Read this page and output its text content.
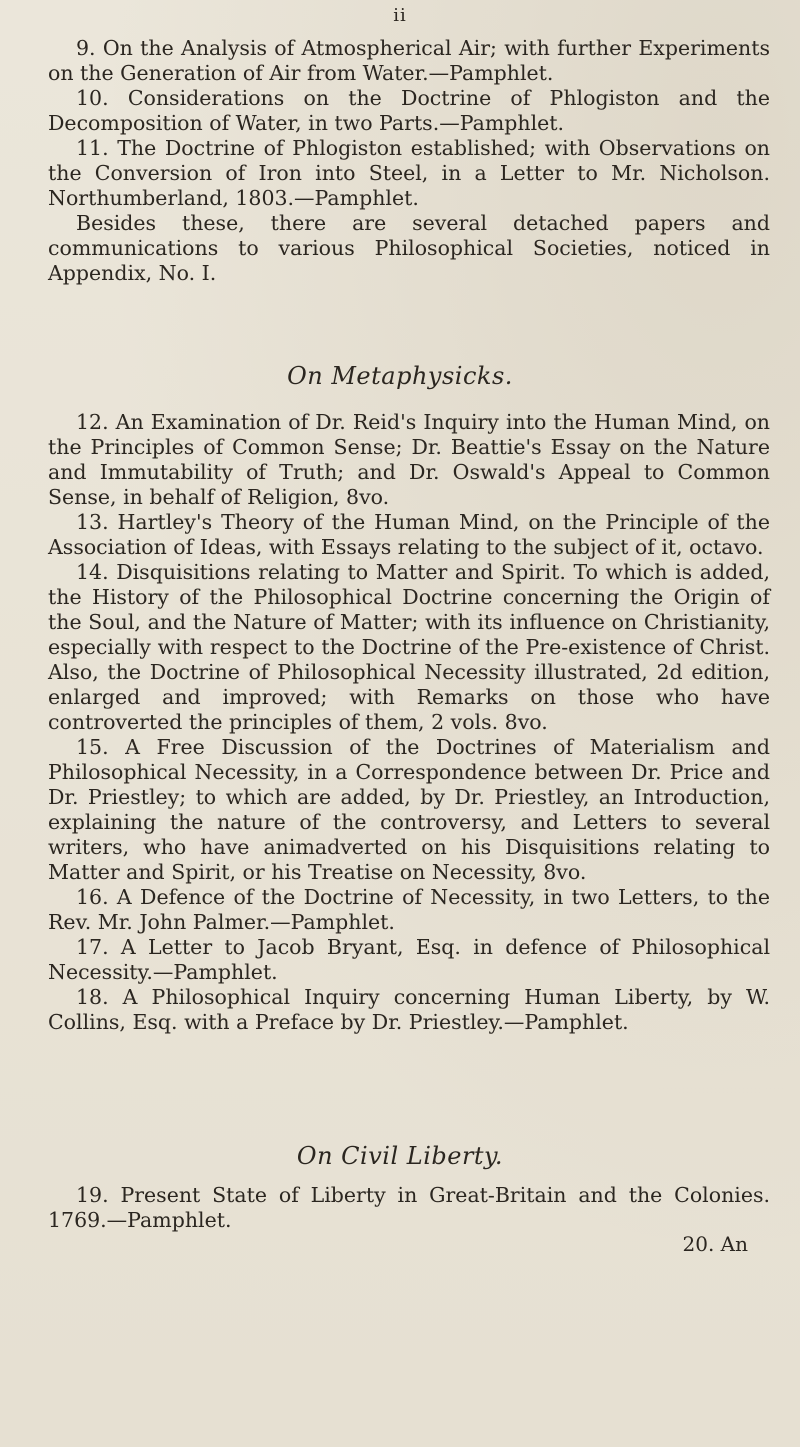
ii

9. On the Analysis of Atmospherical Air; with further Experiments on the Generation of Air from Water.—Pamphlet.

10. Considerations on the Doctrine of Phlogiston and the Decomposition of Water, in two Parts.—Pamphlet.

11. The Doctrine of Phlogiston established; with Observations on the Conversion of Iron into Steel, in a Letter to Mr. Nicholson. Northumberland, 1803.—Pamphlet.

Besides these, there are several detached papers and communications to various Philosophical Societies, noticed in Appendix, No. I.

On Metaphysicks.

12. An Examination of Dr. Reid's Inquiry into the Human Mind, on the Principles of Common Sense; Dr. Beattie's Essay on the Nature and Immutability of Truth; and Dr. Oswald's Appeal to Common Sense, in behalf of Religion, 8vo.

13. Hartley's Theory of the Human Mind, on the Principle of the Association of Ideas, with Essays relating to the subject of it, octavo.

14. Disquisitions relating to Matter and Spirit. To which is added, the History of the Philosophical Doctrine concerning the Origin of the Soul, and the Nature of Matter; with its influence on Christianity, especially with respect to the Doctrine of the Pre-existence of Christ. Also, the Doctrine of Philosophical Necessity illustrated, 2d edition, enlarged and improved; with Remarks on those who have controverted the principles of them, 2 vols. 8vo.

15. A Free Discussion of the Doctrines of Materialism and Philosophical Necessity, in a Correspondence between Dr. Price and Dr. Priestley; to which are added, by Dr. Priestley, an Introduction, explaining the nature of the controversy, and Letters to several writers, who have animadverted on his Disquisitions relating to Matter and Spirit, or his Treatise on Necessity, 8vo.

16. A Defence of the Doctrine of Necessity, in two Letters, to the Rev. Mr. John Palmer.—Pamphlet.

17. A Letter to Jacob Bryant, Esq. in defence of Philosophical Necessity.—Pamphlet.

18. A Philosophical Inquiry concerning Human Liberty, by W. Collins, Esq. with a Preface by Dr. Priestley.—Pamphlet.

On Civil Liberty.

19. Present State of Liberty in Great-Britain and the Colonies. 1769.—Pamphlet.

20. An
